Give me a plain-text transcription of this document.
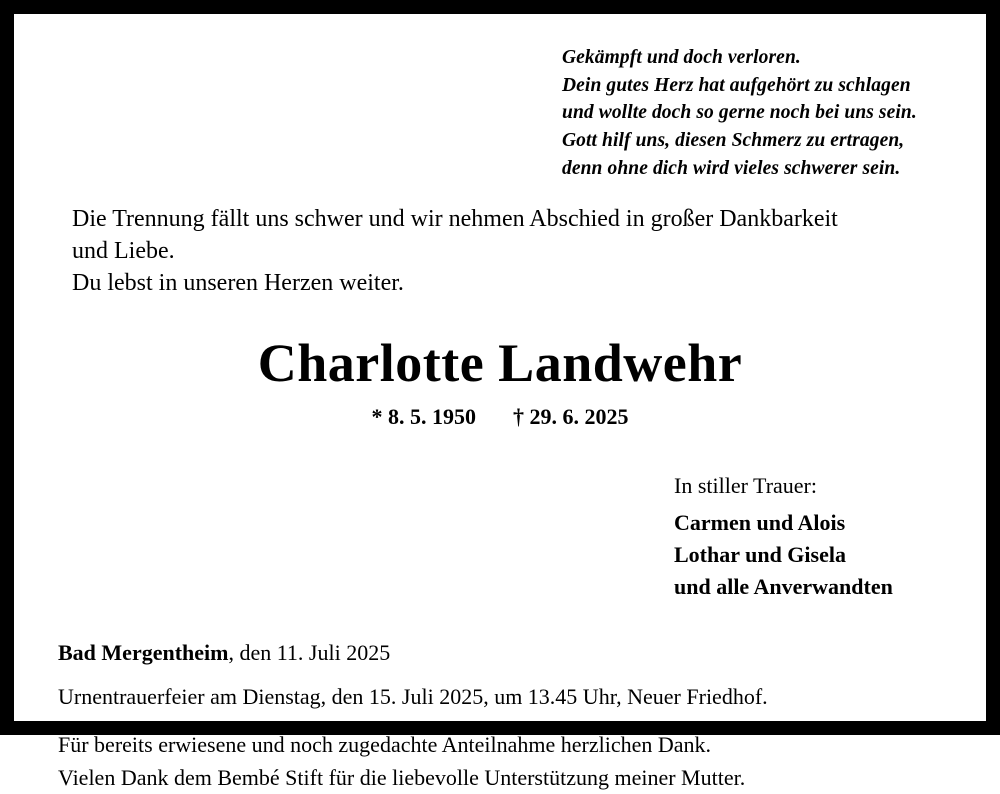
Gekämpft und doch verloren.
Dein gutes Herz hat aufgehört zu schlagen
und wollte doch so gerne noch bei uns sein.
Gott hilf uns, diesen Schmerz zu ertragen,
denn ohne dich wird vieles schwerer sein.
Die Trennung fällt uns schwer und wir nehmen Abschied in großer Dankbarkeit
und Liebe.
Du lebst in unseren Herzen weiter.
Charlotte Landwehr
* 8. 5. 1950 † 29. 6. 2025
In stiller Trauer:
Carmen und Alois
Lothar und Gisela
und alle Anverwandten
Bad Mergentheim, den 11. Juli 2025
Urnentrauerfeier am Dienstag, den 15. Juli 2025, um 13.45 Uhr, Neuer Friedhof.
Für bereits erwiesene und noch zugedachte Anteilnahme herzlichen Dank.
Vielen Dank dem Bembé Stift für die liebevolle Unterstützung meiner Mutter.
